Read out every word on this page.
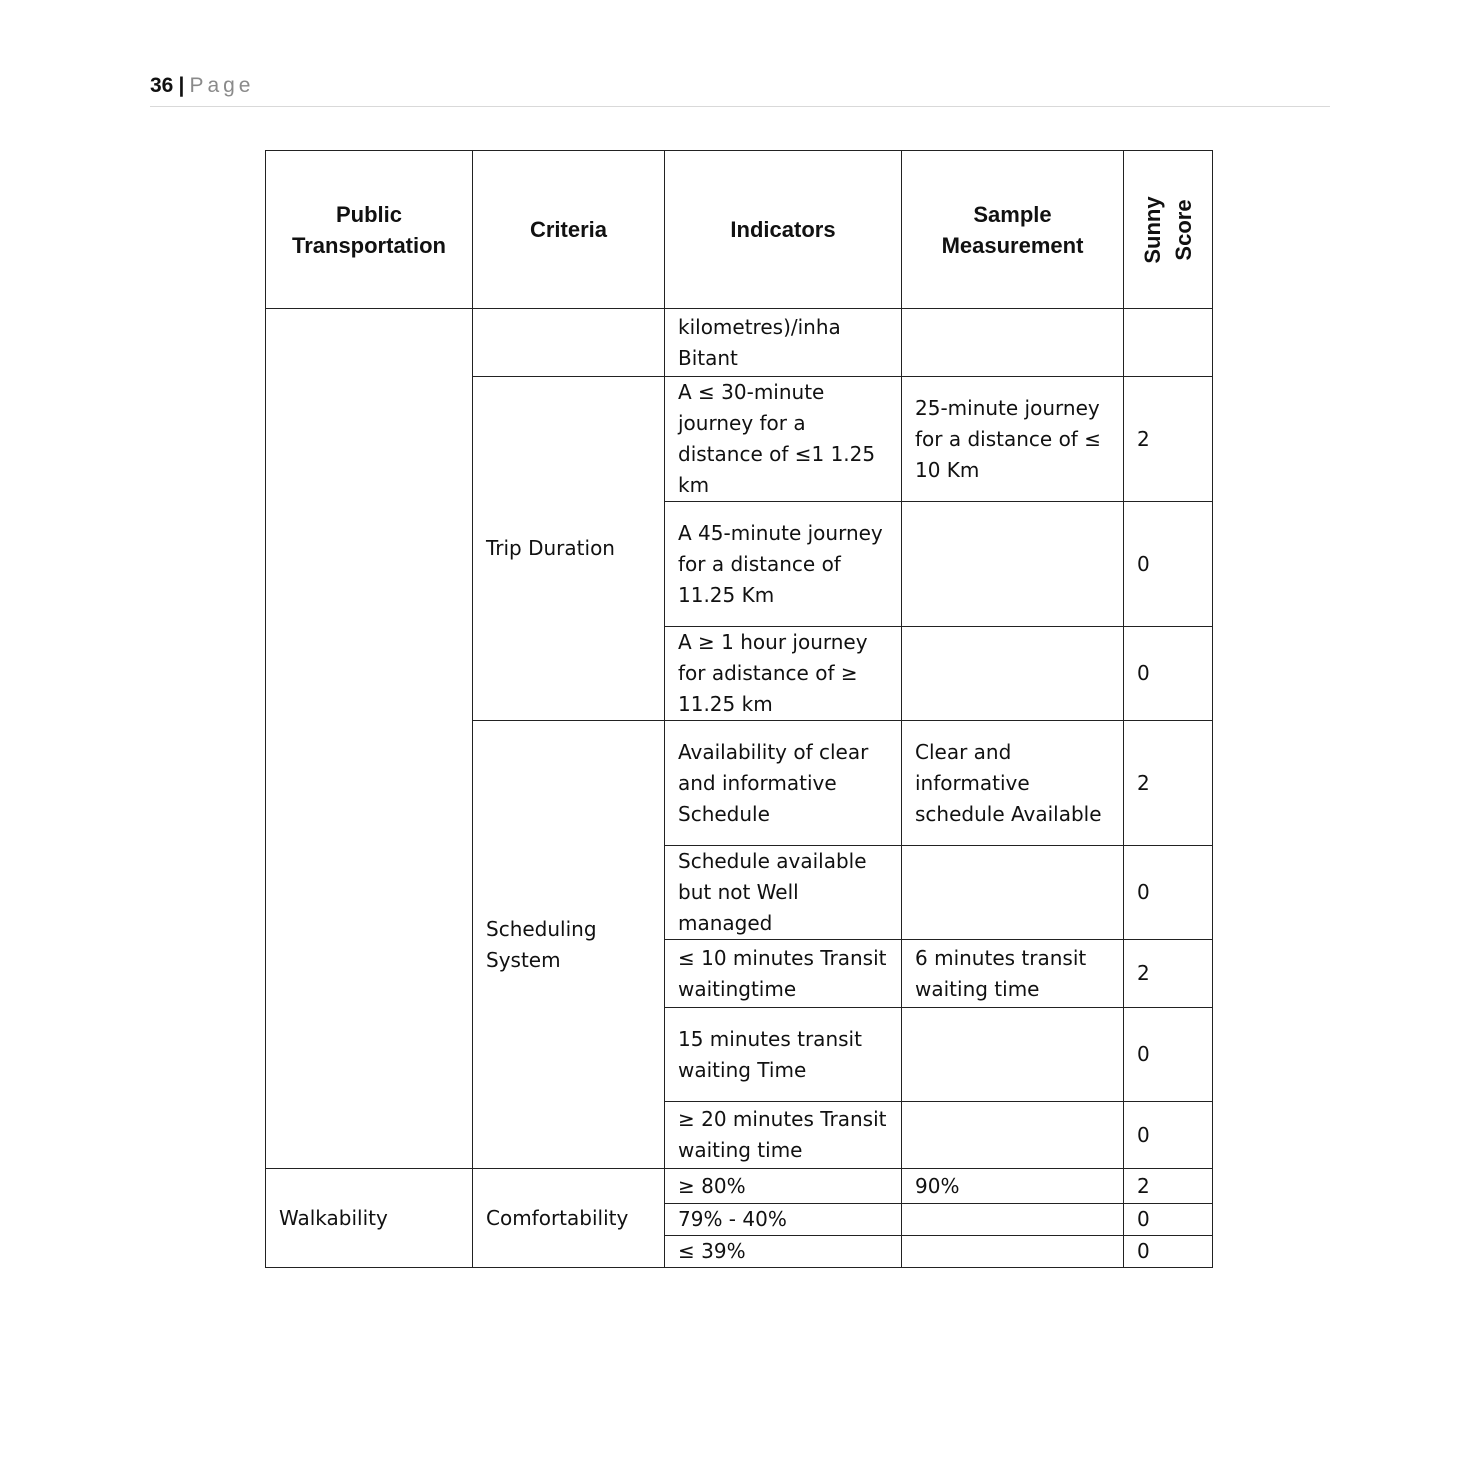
36 | Page
Public Transportation	Criteria	Indicators	Sample Measurement	Sunny Score
		kilometres)/inha Bitant		
	Trip Duration	A ≤ 30-minute journey for a distance of ≤1 1.25 km	25-minute journey for a distance of ≤ 10 Km	2
		A 45-minute journey for a distance of 11.25 Km		0
		A ≥ 1 hour journey for adistance of ≥ 11.25 km		0
	Scheduling System	Availability of clear and informative Schedule	Clear and informative schedule Available	2
		Schedule available but not Well managed		0
		≤ 10 minutes Transit waitingtime	6 minutes transit waiting time	2
		15 minutes transit waiting Time		0
		≥ 20 minutes Transit waiting time		0
Walkability	Comfortability	≥ 80%	90%	2
		79% - 40%		0
		≤ 39%		0
